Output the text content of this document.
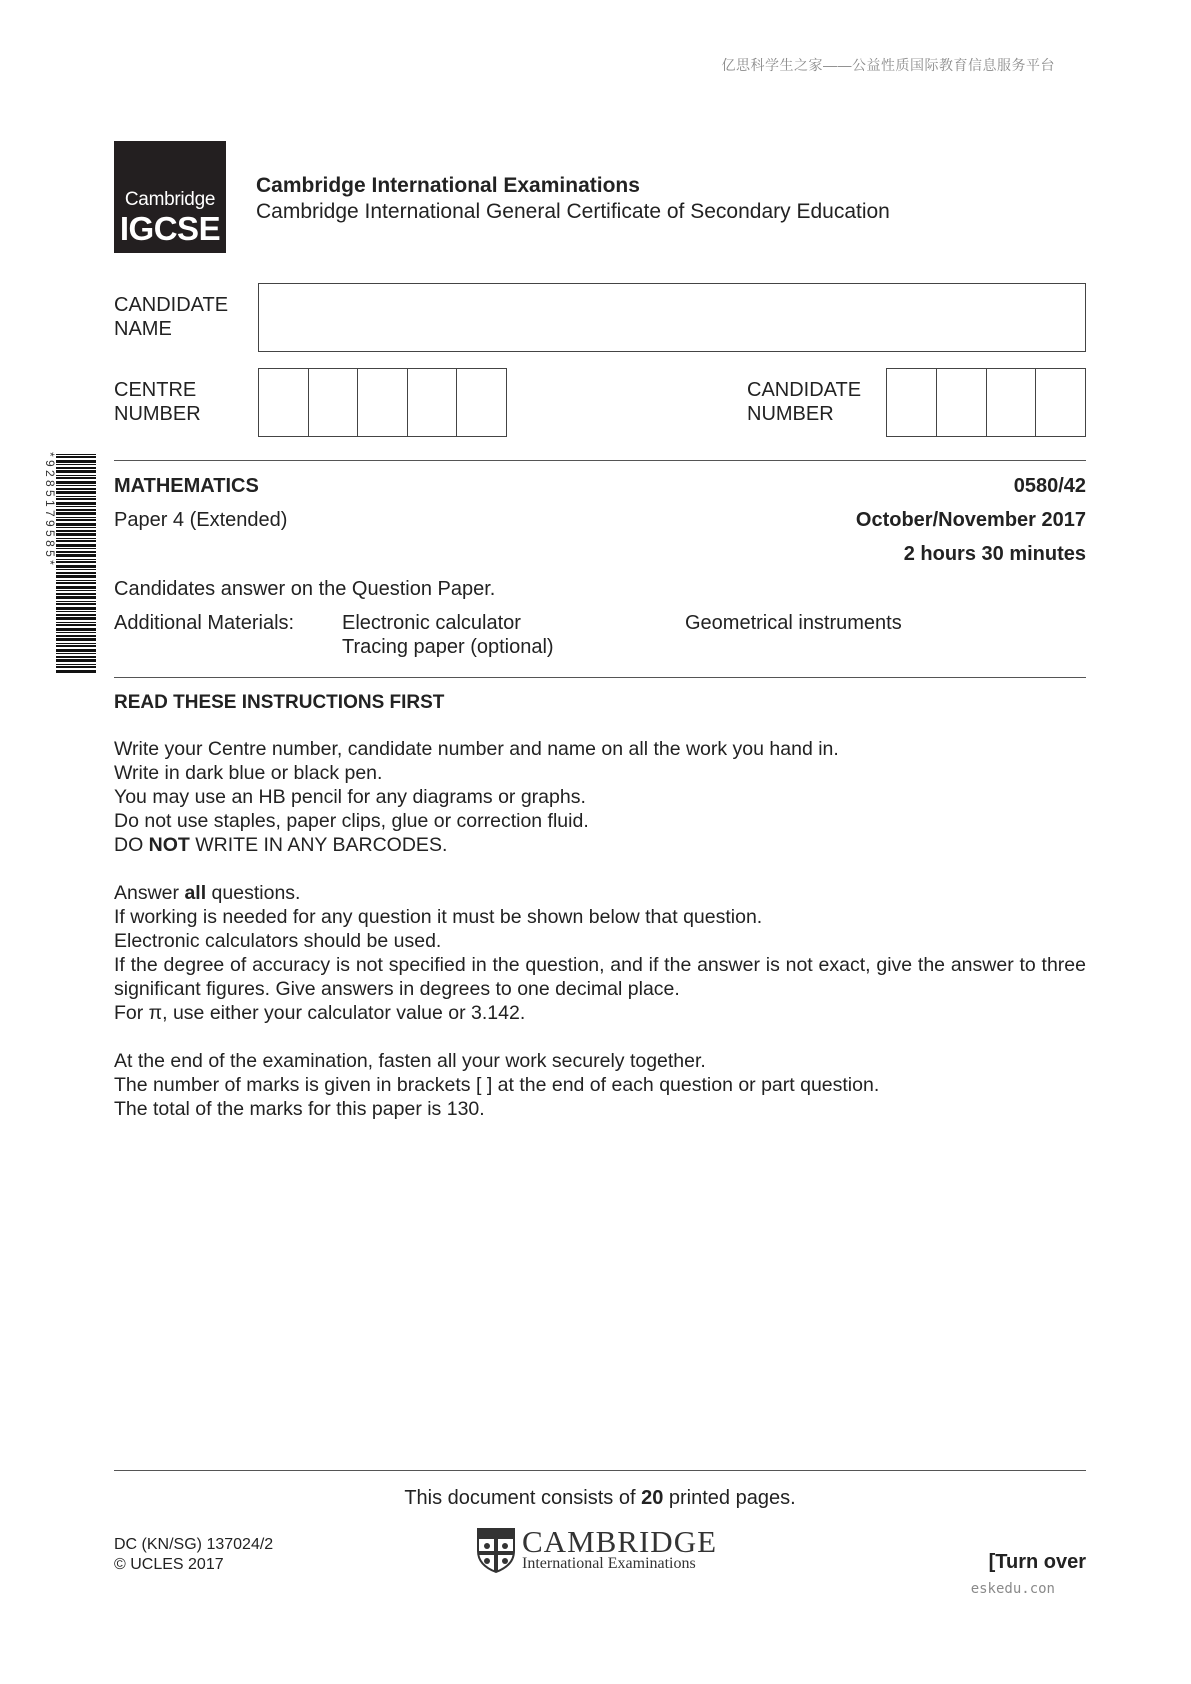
亿思科学生之家——公益性质国际教育信息服务平台
Cambridge
IGCSE
Cambridge International Examinations
Cambridge International General Certificate of Secondary Education
CANDIDATE
NAME
CENTRE
NUMBER
CANDIDATE
NUMBER
* 9 2 8 5 1 7 9 5 8 5 *	MATHEMATICS	0580/42
Paper 4 (Extended)	October/November 2017
2 hours 30 minutes
Candidates answer on the Question Paper.
Additional Materials: Electronic calculator
Tracing paper (optional)
Geometrical instruments
READ THESE INSTRUCTIONS FIRST

Write your Centre number, candidate number and name on all the work you hand in.

Write in dark blue or black pen.

You may use an HB pencil for any diagrams or graphs.

Do not use staples, paper clips, glue or correction fluid.

DO NOT WRITE IN ANY BARCODES.

Answer all questions.

If working is needed for any question it must be shown below that question.

Electronic calculators should be used.

If the degree of accuracy is not specified in the question, and if the answer is not exact, give the answer to three significant figures. Give answers in degrees to one decimal place.

For π, use either your calculator value or 3.142.

At the end of the examination, fasten all your work securely together.

The number of marks is given in brackets [ ] at the end of each question or part question.

The total of the marks for this paper is 130.

This document consists of 20 printed pages.
DC (KN/SG) 137024/2
© UCLES 2017
CAMBRIDGE
International Examinations	[Turn over
eskedu.con
